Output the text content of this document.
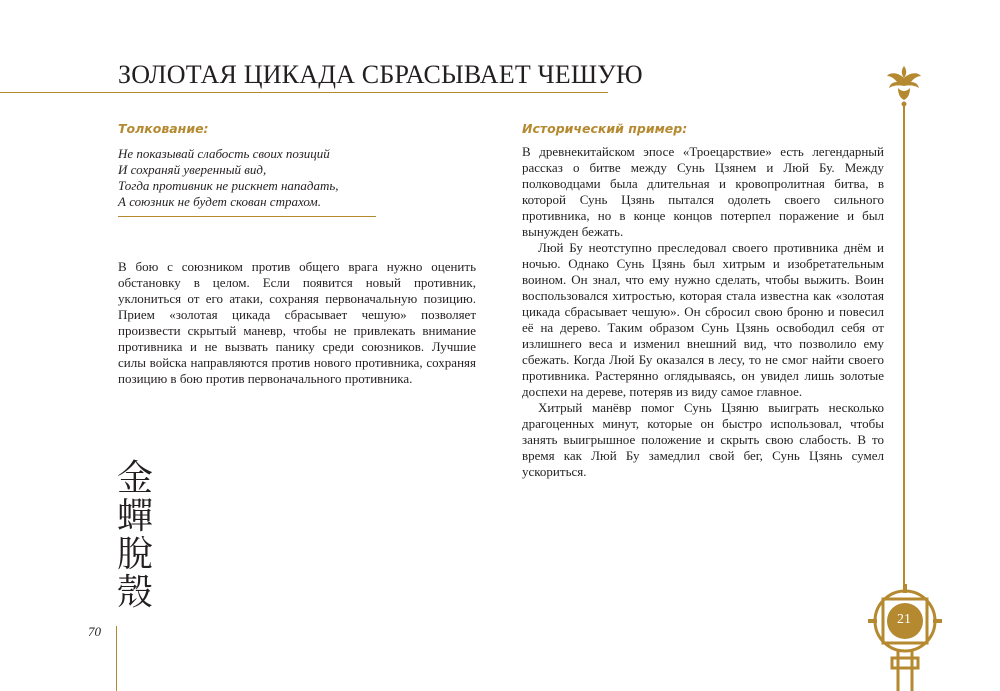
ЗОЛОТАЯ ЦИКАДА СБРАСЫВАЕТ ЧЕШУЮ
Толкование:
Не показывай слабость своих позиций
И сохраняй уверенный вид,
Тогда противник не рискнет нападать,
А союзник не будет скован страхом.
В бою с союзником против общего врага нужно оценить обстановку в целом. Если появится новый противник, уклониться от его атаки, сохраняя первоначальную позицию. Прием «золотая цикада сбрасывает чешую» позволяет произвести скрытый маневр, чтобы не привлекать внимание противника и не вызвать панику среди союзников. Лучшие силы войска направляются против нового противника, сохраняя позицию в бою против первоначального противника.
Исторический пример:

В древнекитайском эпосе «Троецарствие» есть легендарный рассказ о битве между Сунь Цзянем и Люй Бу. Между полководцами была длительная и кровопролитная битва, в которой Сунь Цзянь пытался одолеть своего сильного противника, но в конце концов потерпел поражение и был вынужден бежать.

Люй Бу неотступно преследовал своего противника днём и ночью. Однако Сунь Цзянь был хитрым и изобретательным воином. Он знал, что ему нужно сделать, чтобы выжить. Воин воспользовался хитростью, которая стала известна как «золотая цикада сбрасывает чешую». Он сбросил свою броню и повесил её на дерево. Таким образом Сунь Цзянь освободил себя от излишнего веса и изменил внешний вид, что позволило ему сбежать. Когда Люй Бу оказался в лесу, то не смог найти своего противника. Растерянно оглядываясь, он увидел лишь золотые доспехи на дереве, потеряв из виду самое главное.

Хитрый манёвр помог Сунь Цзяню выиграть несколько драгоценных минут, которые он быстро использовал, чтобы занять выигрышное положение и скрыть свою слабость. В то время как Люй Бу замедлил свой бег, Сунь Цзянь сумел ускориться.

金
蟬
脫
殼
70
21
